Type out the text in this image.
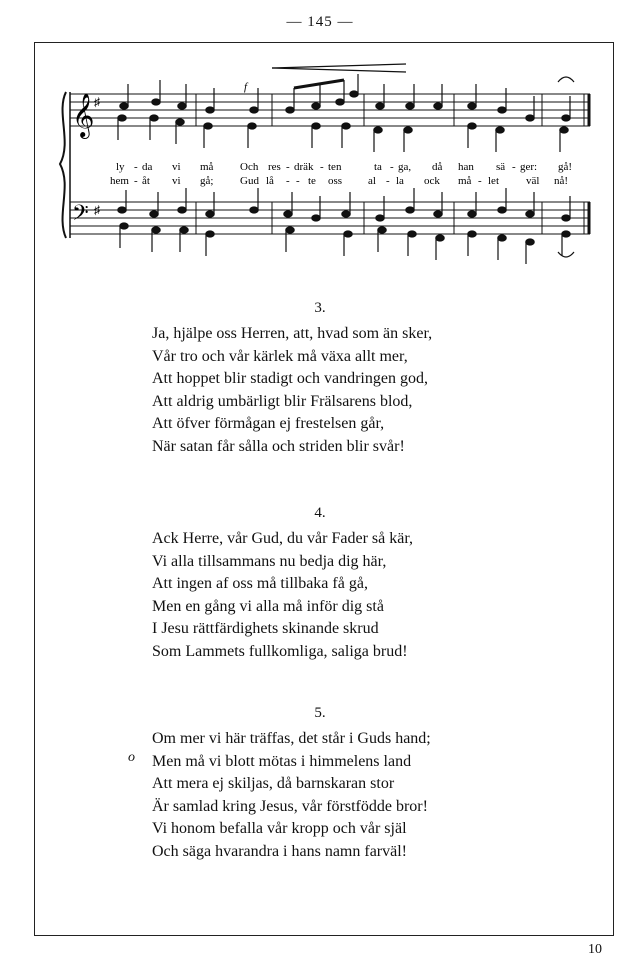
— 145 —
f
𝄞 ♯
𝄢 ♯
ly - da vi må Och res - dräk - ten	ta - ga, då han sä - ger: gå!
hem - åt vi gå; Gud lå - - te oss al - la ock må - let väl nå!
3.
Ja, hjälpe oss Herren, att, hvad som än sker,
Vår tro och vår kärlek må växa allt mer,
Att hoppet blir stadigt och vandringen god,
Att aldrig umbärligt blir Frälsarens blod,
Att öfver förmågan ej frestelsen går,
När satan får sålla och striden blir svår!
4.
Ack Herre, vår Gud, du vår Fader så kär,
Vi alla tillsammans nu bedja dig här,
Att ingen af oss må tillbaka få gå,
Men en gång vi alla må inför dig stå
I Jesu rättfärdighets skinande skrud
Som Lammets fullkomliga, saliga brud!
5.
Om mer vi här träffas, det står i Guds hand;
Men må vi blott mötas i himmelens land
Att mera ej skiljas, då barnskaran stor
Är samlad kring Jesus, vår förstfödde bror!
Vi honom befalla vår kropp och vår själ
Och säga hvarandra i hans namn farväl!
o
10
